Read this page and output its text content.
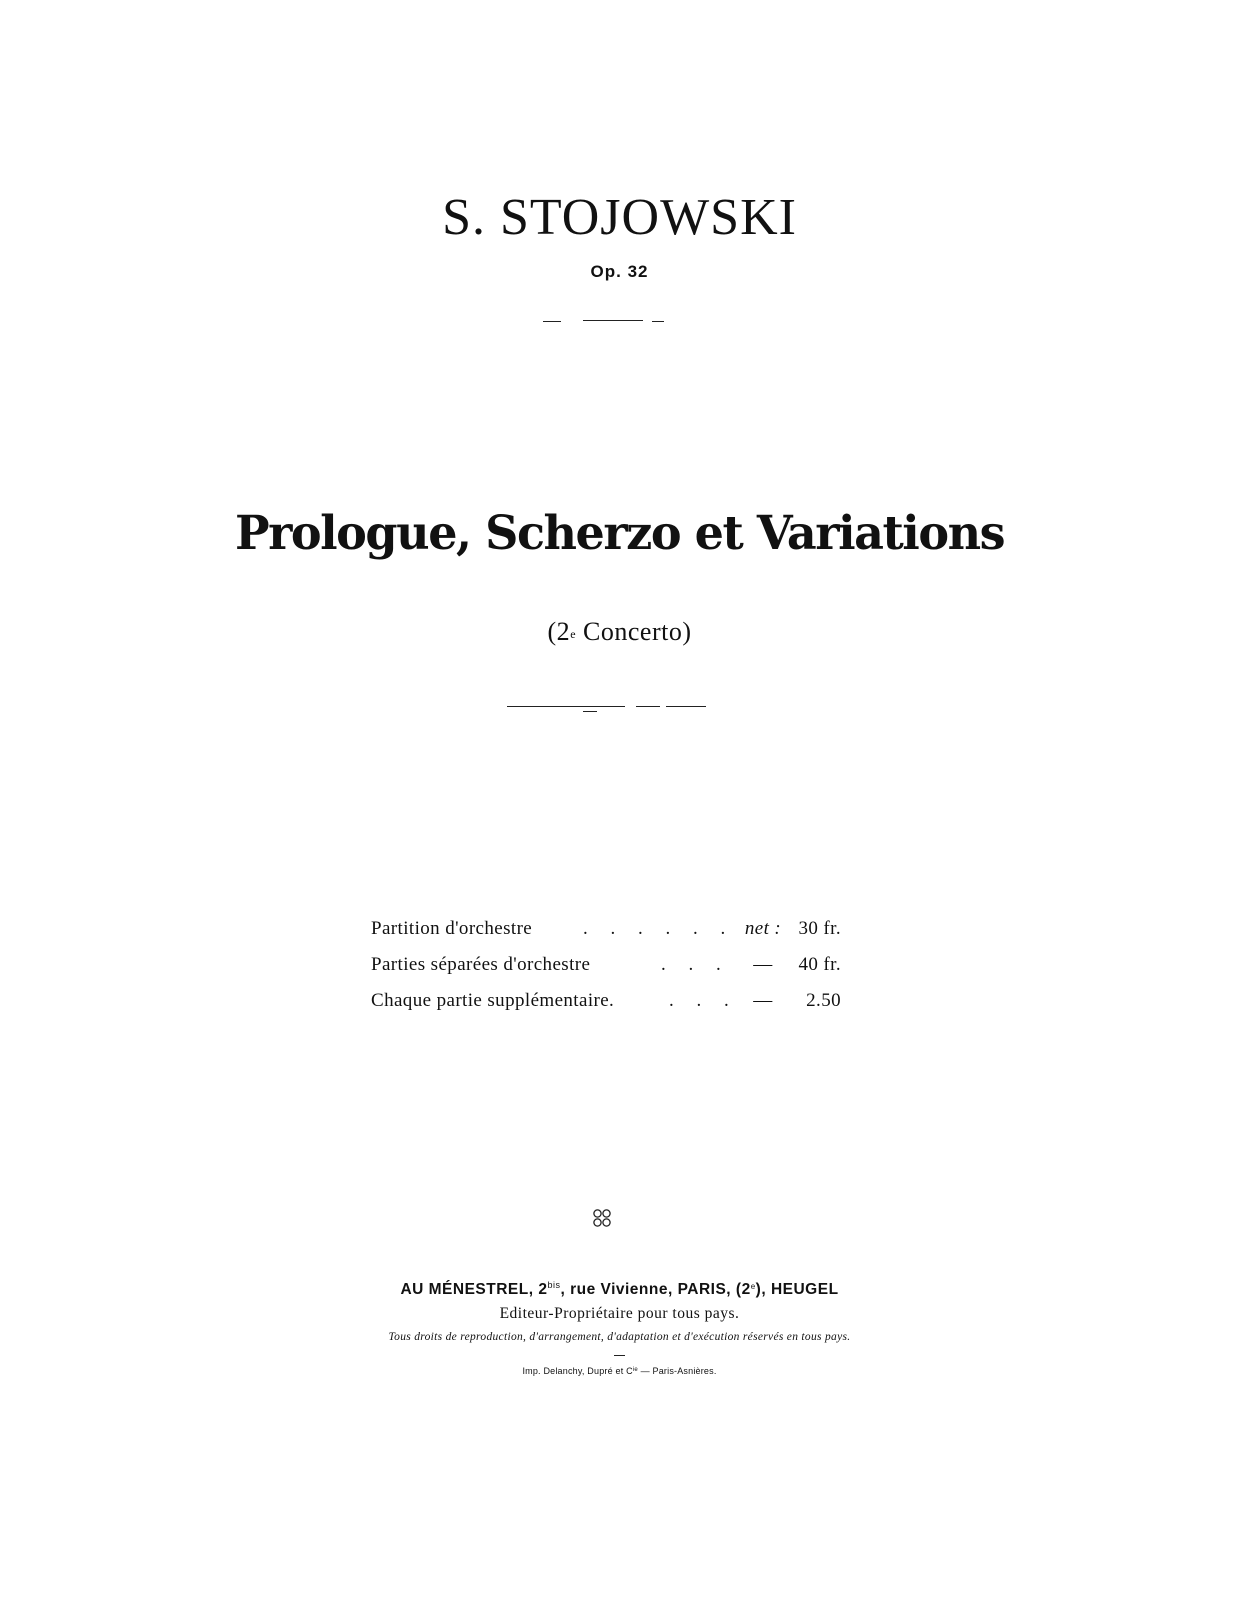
S. STOJOWSKI
Op. 32
Prologue, Scherzo et Variations
(2e Concerto)
Partition d'orchestre	. . . . . . net : 30 fr.
Parties séparées d'orchestre	. . .	—	40 fr.
Chaque partie supplémentaire.	. . . —	2.50
AU MÉNESTREL, $2^{bis}$, rue Vivienne, PARIS, (2e), HEUGEL
Editeur-Propriétaire pour tous pays.
Tous droits de reproduction, d'arrangement, d'adaptation et d'exécution réservés en tous pays.
Imp. Delanchy, Dupré et $C^{ie}$ — Paris-Asnières.
